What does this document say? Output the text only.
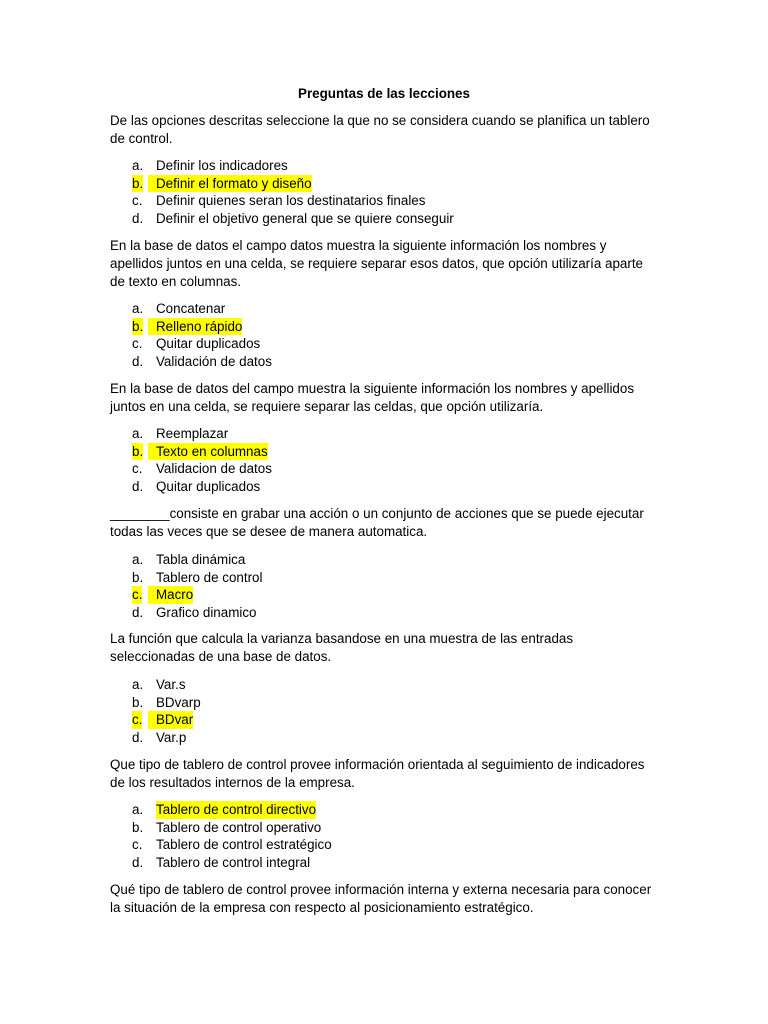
Preguntas de las lecciones

De las opciones descritas seleccione la que no se considera cuando se planifica un tablero de control.

a. Definir los indicadores
b. Definir el formato y diseño
c. Definir quienes seran los destinatarios finales
d. Definir el objetivo general que se quiere conseguir

En la base de datos el campo datos muestra la siguiente información los nombres y apellidos juntos en una celda, se requiere separar esos datos, que opción utilizaría aparte de texto en columnas.

a. Concatenar
b. Relleno rápido
c. Quitar duplicados
d. Validación de datos

En la base de datos del campo muestra la siguiente información los nombres y apellidos juntos en una celda, se requiere separar las celdas, que opción utilizaría.

a. Reemplazar
b. Texto en columnas
c. Validacion de datos
d. Quitar duplicados

________consiste en grabar una acción o un conjunto de acciones que se puede ejecutar todas las veces que se desee de manera automatica.

a. Tabla dinámica
b. Tablero de control
c.	Macro
d. Grafico dinamico

La función que calcula la varianza basandose en una muestra de las entradas seleccionadas de una base de datos.

a. Var.s
b. BDvarp
c.	BDvar
d. Var.p

Que tipo de tablero de control provee información orientada al seguimiento de indicadores de los resultados internos de la empresa.

a. Tablero de control directivo
b. Tablero de control operativo
c. Tablero de control estratégico
d. Tablero de control integral

Qué tipo de tablero de control provee información interna y externa necesaria para conocer la situación de la empresa con respecto al posicionamiento estratégico.
